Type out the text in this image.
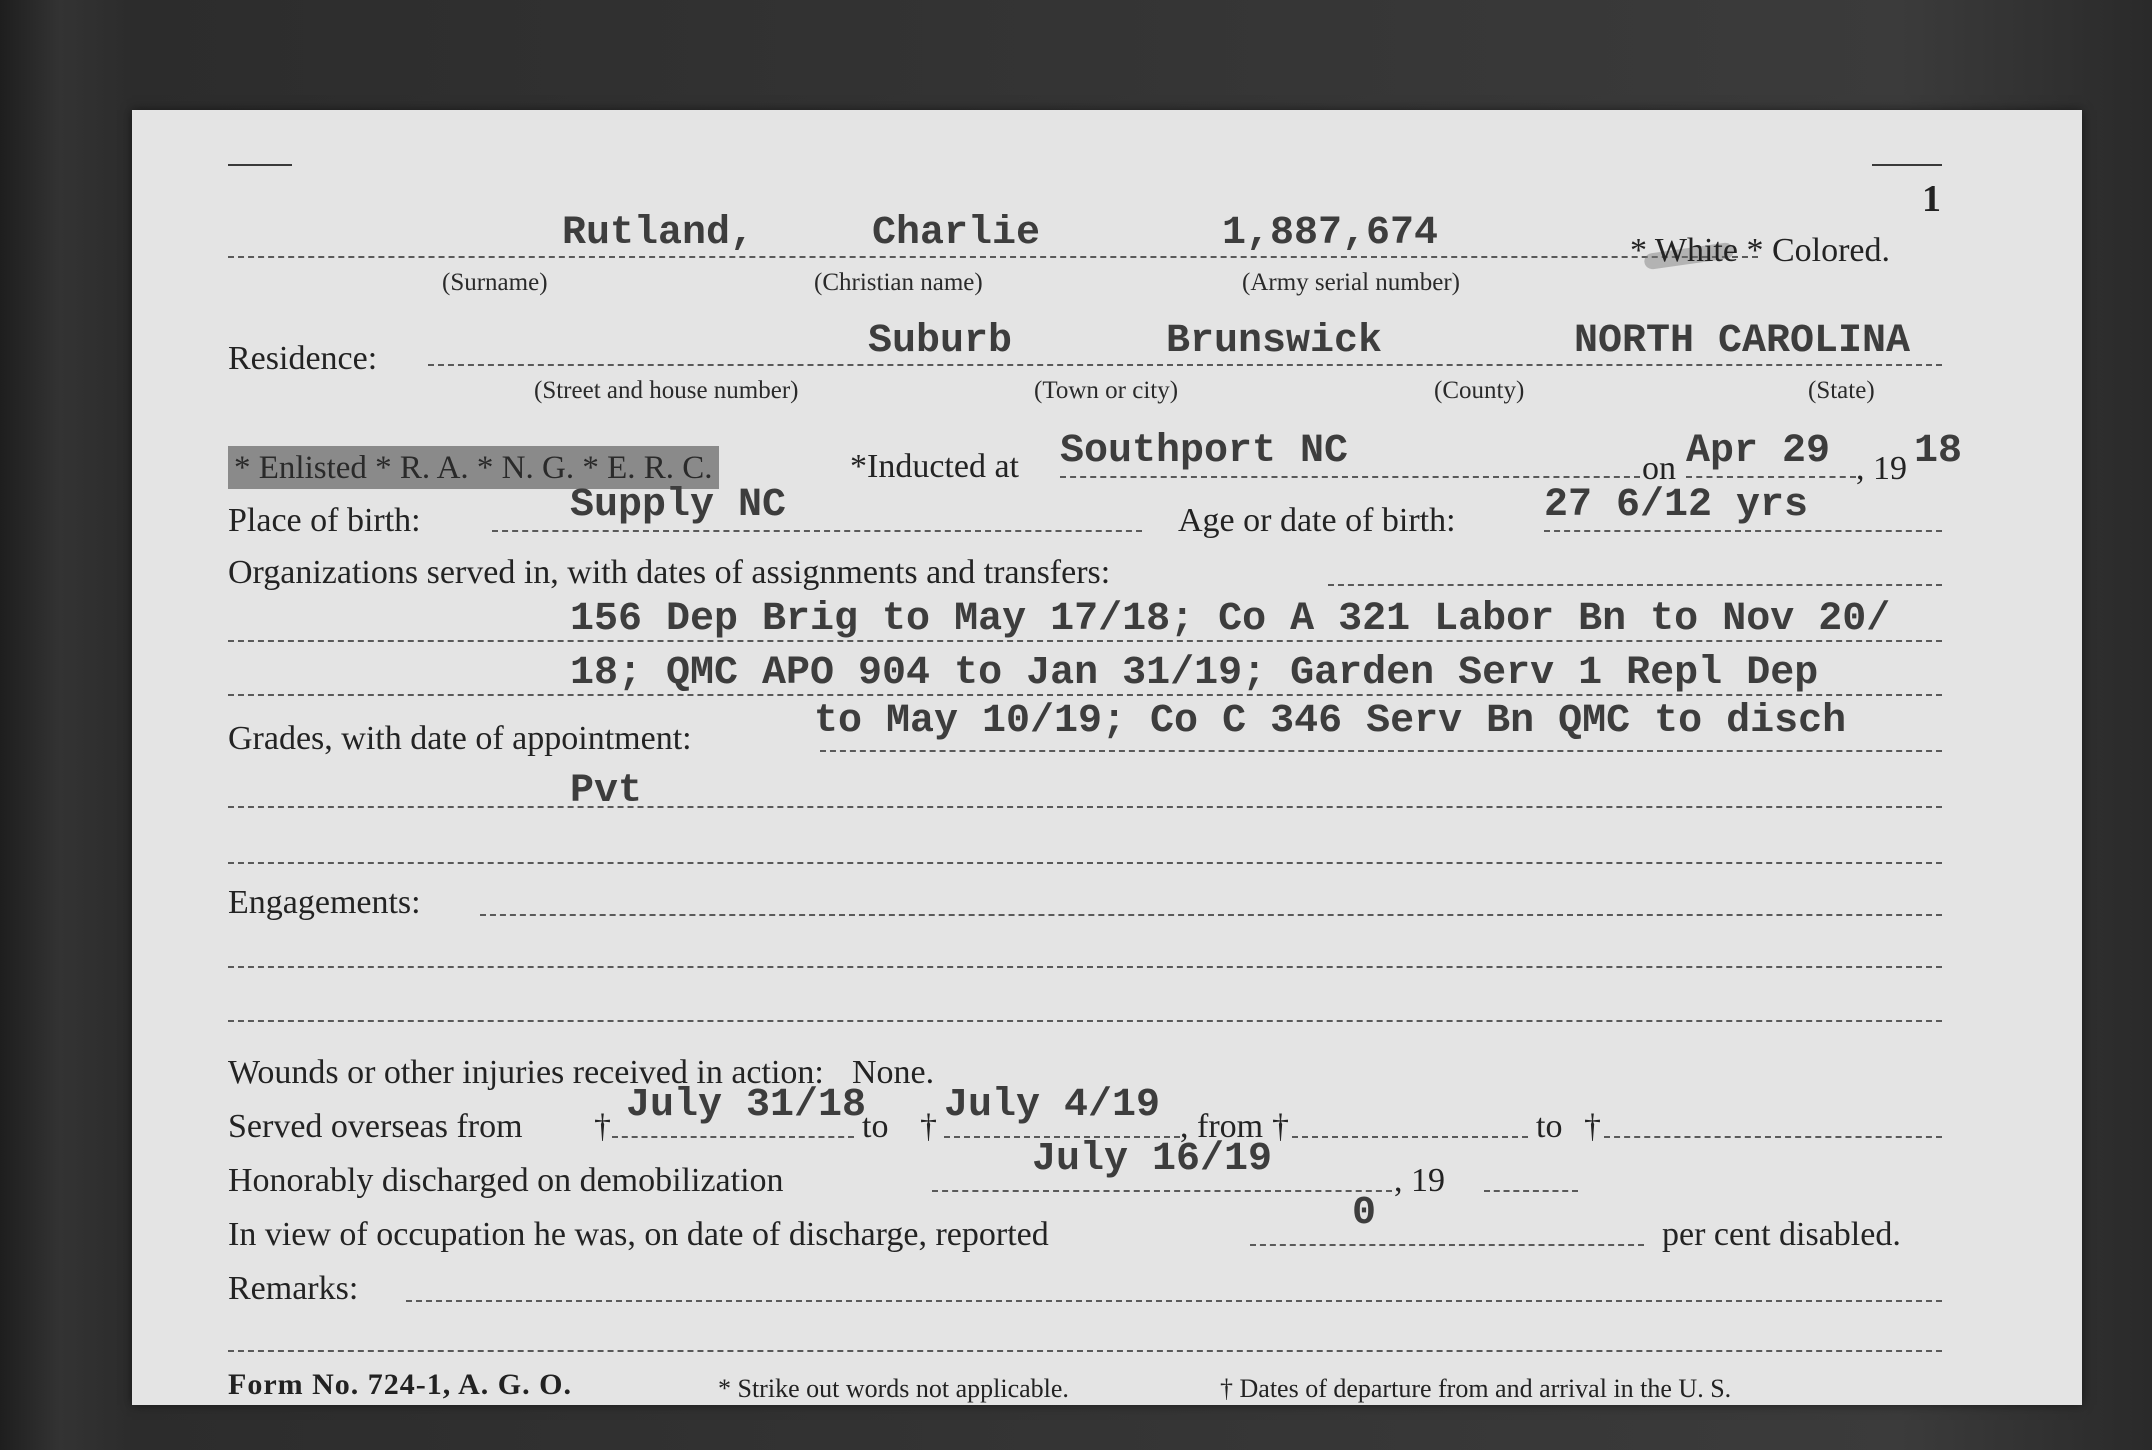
1
Rutland,	Charlie	1,887,674	* White * Colored.
(Surname)	(Christian name)	(Army serial number)
Residence:	Suburb	Brunswick	NORTH CAROLINA
(Street and house number)	(Town or city)	(County)	(State)
* Enlisted * R. A. * N. G. * E. R. C.	*Inducted at Southport NC	on Apr 29 , 19 18
Place of birth:	Supply NC	Age or date of birth: 27 6/12 yrs
Organizations served in, with dates of assignments and transfers:
156 Dep Brig to May 17/18; Co A 321 Labor Bn to Nov 20/
18; QMC APO 904 to Jan 31/19; Garden Serv 1 Repl Dep
to May 10/19; Co C 346 Serv Bn QMC to disch
Grades, with date of appointment:
Pvt
Engagements:
Wounds or other injuries received in action: None.
Served overseas from † July 31/18
to † July 4/19 , from †	to †
Honorably discharged on demobilization	July 16/19	, 19
In view of occupation he was, on date of discharge, reported	0	per cent disabled.
Remarks:
Form No. 724-1, A. G. O.	* Strike out words not applicable.	† Dates of departure from and arrival in the U. S.
